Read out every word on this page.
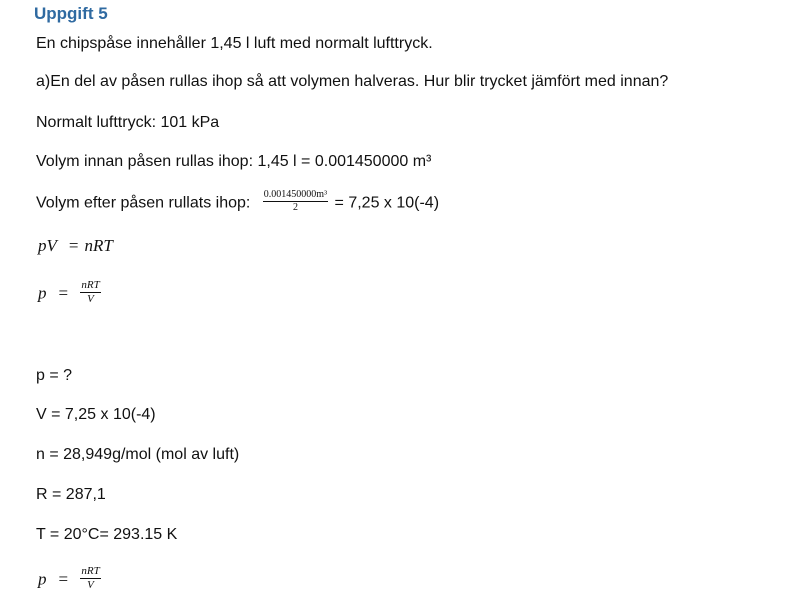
Uppgift 5
En chipspåse innehåller 1,45 l luft med normalt lufttryck.
a)En del av påsen rullas ihop så att volymen halveras. Hur blir trycket jämfört med innan?
Normalt lufttryck: 101 kPa
Volym innan påsen rullas ihop: 1,45 l = 0.001450000 m³
Volym efter påsen rullats ihop: $\frac{\text{0.001450000m³}}{2} = 7,25$ x 10(-4)
pV = nRT
$p = \frac{\text{nRT}}{V}$
p = ?
V = 7,25 x 10(-4)
n = 28,949g/mol (mol av luft)
R = 287,1
T = 20°C= 293.15 K
$p = \frac{\text{nRT}}{V}$
